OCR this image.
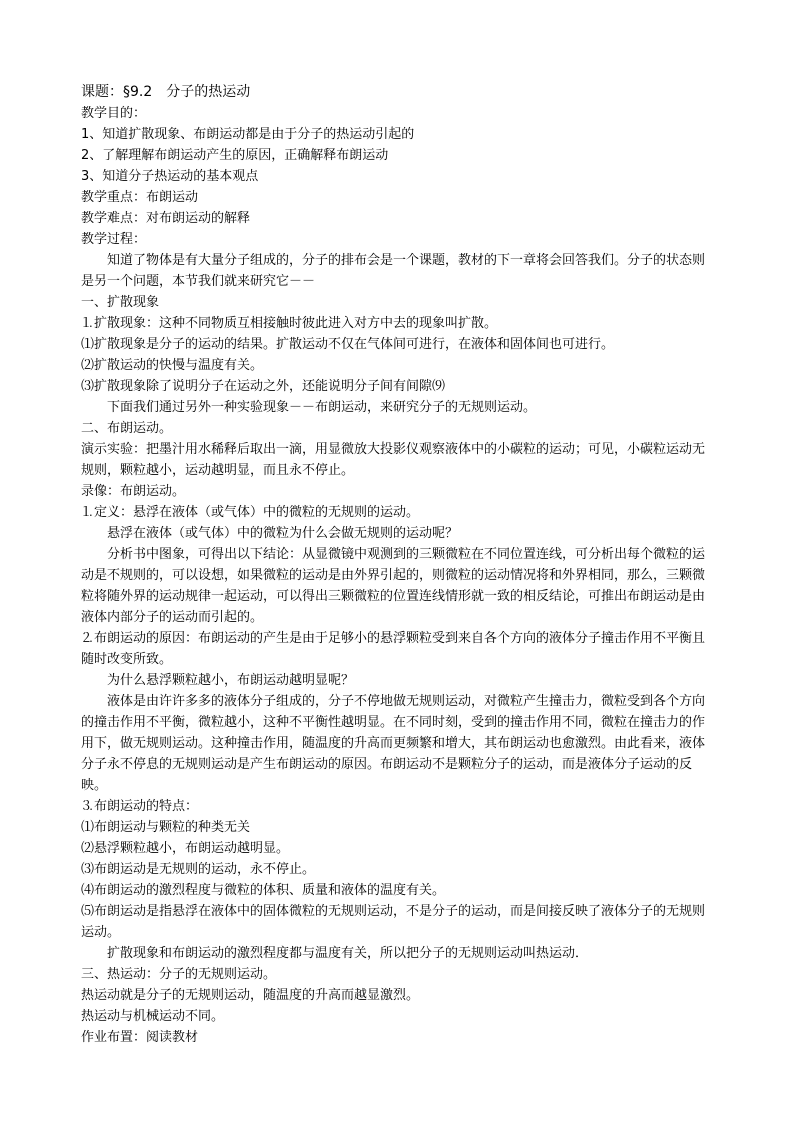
课题：§9.2　分子的热运动

教学目的：

1、知道扩散现象、布朗运动都是由于分子的热运动引起的

2、了解理解布朗运动产生的原因，正确解释布朗运动

3、知道分子热运动的基本观点

教学重点：布朗运动

教学难点：对布朗运动的解释

教学过程：

知道了物体是有大量分子组成的，分子的排布会是一个课题，教材的下一章将会回答我们。分子的状态则是另一个问题，本节我们就来研究它－－

一、扩散现象

⒈扩散现象：这种不同物质互相接触时彼此进入对方中去的现象叫扩散。

⑴扩散现象是分子的运动的结果。扩散运动不仅在气体间可进行，在液体和固体间也可进行。

⑵扩散运动的快慢与温度有关。

⑶扩散现象除了说明分子在运动之外，还能说明分子间有间隙⑼

下面我们通过另外一种实验现象－－布朗运动，来研究分子的无规则运动。

二、布朗运动。

演示实验：把墨汁用水稀释后取出一滴，用显微放大投影仪观察液体中的小碳粒的运动；可见，小碳粒运动无规则，颗粒越小，运动越明显，而且永不停止。

录像：布朗运动。

⒈定义：悬浮在液体（或气体）中的微粒的无规则的运动。

悬浮在液体（或气体）中的微粒为什么会做无规则的运动呢？

分析书中图象，可得出以下结论：从显微镜中观测到的三颗微粒在不同位置连线，可分析出每个微粒的运动是不规则的，可以设想，如果微粒的运动是由外界引起的，则微粒的运动情况将和外界相同，那么，三颗微粒将随外界的运动规律一起运动，可以得出三颗微粒的位置连线情形就一致的相反结论，可推出布朗运动是由液体内部分子的运动而引起的。

⒉布朗运动的原因：布朗运动的产生是由于足够小的悬浮颗粒受到来自各个方向的液体分子撞击作用不平衡且随时改变所致。

为什么悬浮颗粒越小，布朗运动越明显呢？

液体是由许许多多的液体分子组成的，分子不停地做无规则运动，对微粒产生撞击力，微粒受到各个方向的撞击作用不平衡，微粒越小，这种不平衡性越明显。在不同时刻，受到的撞击作用不同，微粒在撞击力的作用下，做无规则运动。这种撞击作用，随温度的升高而更频繁和增大，其布朗运动也愈激烈。由此看来，液体分子永不停息的无规则运动是产生布朗运动的原因。布朗运动不是颗粒分子的运动，而是液体分子运动的反映。

⒊布朗运动的特点：

⑴布朗运动与颗粒的种类无关

⑵悬浮颗粒越小，布朗运动越明显。

⑶布朗运动是无规则的运动，永不停止。

⑷布朗运动的激烈程度与微粒的体积、质量和液体的温度有关。

⑸布朗运动是指悬浮在液体中的固体微粒的无规则运动，不是分子的运动，而是间接反映了液体分子的无规则运动。

扩散现象和布朗运动的激烈程度都与温度有关，所以把分子的无规则运动叫热运动．

三、热运动：分子的无规则运动。

热运动就是分子的无规则运动，随温度的升高而越显激烈。

热运动与机械运动不同。

作业布置：阅读教材
